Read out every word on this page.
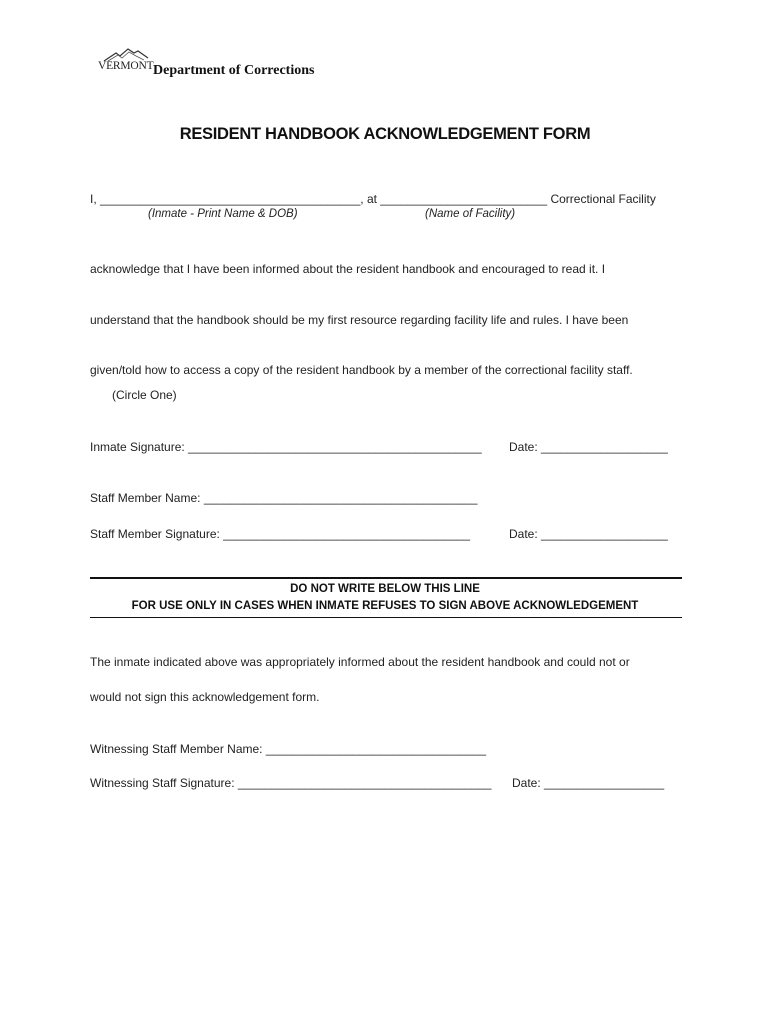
VERMONT Department of Corrections
RESIDENT HANDBOOK ACKNOWLEDGEMENT FORM
I, _______________________________________, at _________________________ Correctional Facility
(Inmate - Print Name & DOB)	(Name of Facility)
acknowledge that I have been informed about the resident handbook and encouraged to read it. I
understand that the handbook should be my first resource regarding facility life and rules. I have been
given/told how to access a copy of the resident handbook by a member of the correctional facility staff.
(Circle One)
Inmate Signature: ____________________________________________ Date: ___________________
Staff Member Name: _________________________________________
Staff Member Signature: _____________________________________	Date: ___________________
DO NOT WRITE BELOW THIS LINE
FOR USE ONLY IN CASES WHEN INMATE REFUSES TO SIGN ABOVE ACKNOWLEDGEMENT
The inmate indicated above was appropriately informed about the resident handbook and could not or
would not sign this acknowledgement form.
Witnessing Staff Member Name: _________________________________
Witnessing Staff Signature: ______________________________________ Date: __________________
